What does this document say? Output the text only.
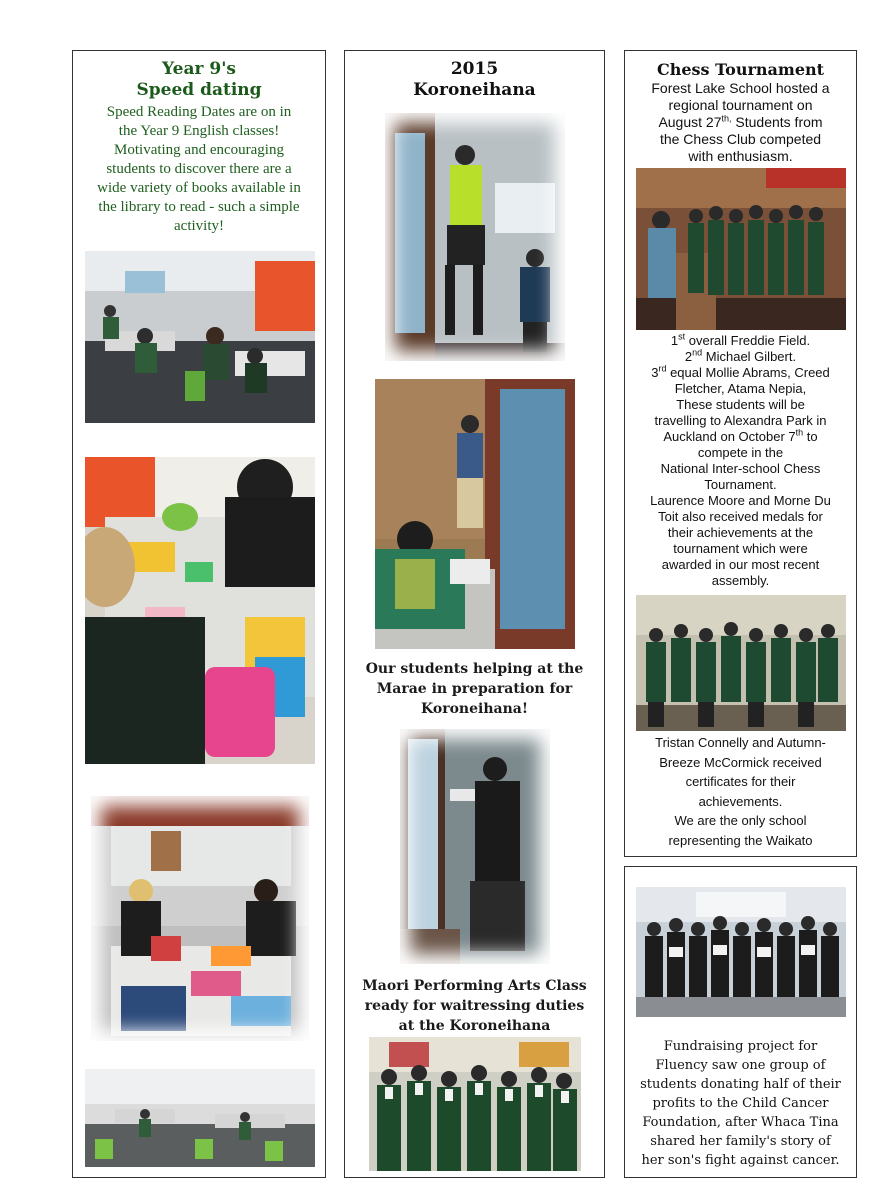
Year 9's
Speed dating
Speed Reading Dates are on in
the Year 9 English classes!
Motivating and encouraging
students to discover there are a
wide variety of books available in
the library to read - such a simple
activity!
2015
Koroneihana
Our students helping at the
Marae in preparation for
Koroneihana!
Maori Performing Arts Class
ready for waitressing duties
at the Koroneihana
Chess Tournament
Forest Lake School hosted a
regional tournament on
August $27^{th,}$ Students from
the Chess Club competed
with enthusiasm.
1st overall Freddie Field.
2nd Michael Gilbert.
3rd equal Mollie Abrams, Creed
Fletcher, Atama Nepia,
These students will be
travelling to Alexandra Park in
Auckland on October 7th to
compete in the
National Inter-school Chess
Tournament.
Laurence Moore and Morne Du
Toit also received medals for
their achievements at the
tournament which were
awarded in our most recent
assembly.
Tristan Connelly and Autumn-
Breeze McCormick received
certificates for their
achievements.
We are the only school
representing the Waikato
Fundraising project for
Fluency saw one group of
students donating half of their
profits to the Child Cancer
Foundation, after Whaca Tina
shared her family's story of
her son's fight against cancer.
